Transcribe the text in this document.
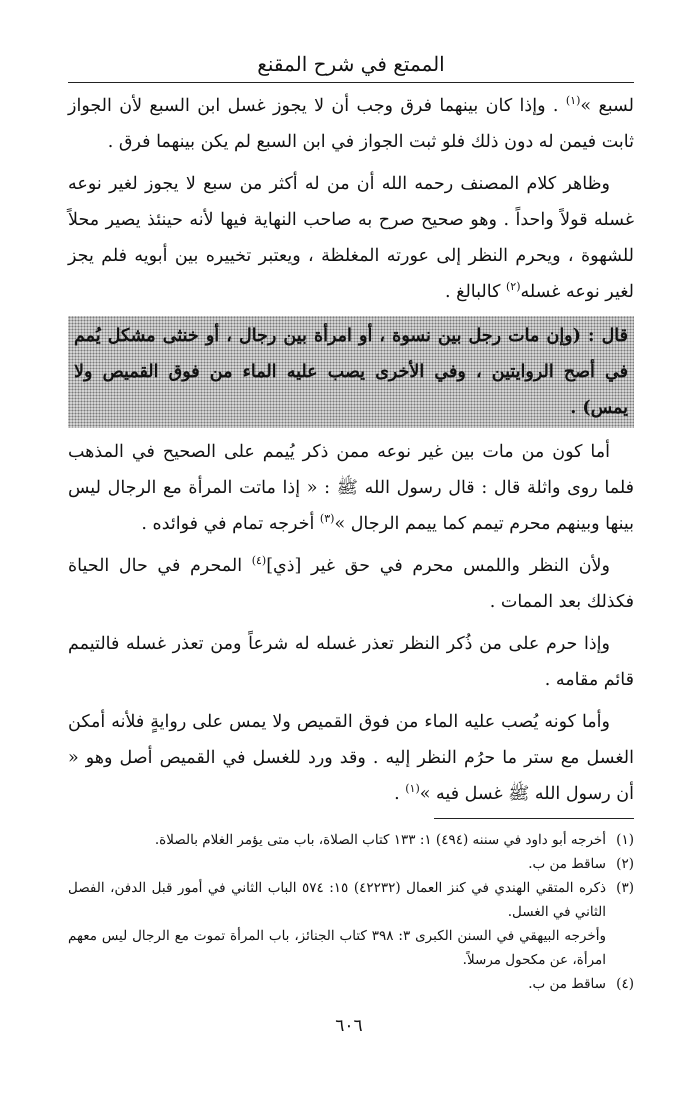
الممتع في شرح المقنع

لسبع »$^{(١)}$ . وإذا كان بينهما فرق وجب أن لا يجوز غسل ابن السبع لأن الجواز ثابت فيمن له دون ذلك فلو ثبت الجواز في ابن السبع لم يكن بينهما فرق .

وظاهر كلام المصنف رحمه الله أن من له أكثر من سبع لا يجوز لغير نوعه غسله قولاً واحداً . وهو صحيح صرح به صاحب النهاية فيها لأنه حينئذ يصير محلاً للشهوة ، ويحرم النظر إلى عورته المغلظة ، ويعتبر تخييره بين أبويه فلم يجز لغير نوعه غسله$^{(٢)}$ كالبالغ .

قال : (وإن مات رجل بين نسوة ، أو امرأة بين رجال ، أو خنثى مشكل يُمم في أصح الروايتين ، وفي الأخرى يصب عليه الماء من فوق القميص ولا يمس) .

أما كون من مات بين غير نوعه ممن ذكر يُيمم على الصحيح في المذهب فلما روى واثلة قال : قال رسول الله ﷺ : « إذا ماتت المرأة مع الرجال ليس بينها وبينهم محرم تيمم كما ييمم الرجال »$^{(٣)}$ أخرجه تمام في فوائده .

ولأن النظر واللمس محرم في حق غير [ذي]$^{(٤)}$ المحرم في حال الحياة فكذلك بعد الممات .

وإذا حرم على من ذُكر النظر تعذر غسله له شرعاً ومن تعذر غسله فالتيمم قائم مقامه .

وأما كونه يُصب عليه الماء من فوق القميص ولا يمس على روايةٍ فلأنه أمكن الغسل مع ستر ما حرُم النظر إليه . وقد ورد للغسل في القميص أصل وهو « أن رسول الله ﷺ غسل فيه »$^{(١)}$ .

(١)
أخرجه أبو داود في سننه (٤٩٤) ١: ١٣٣ كتاب الصلاة، باب متى يؤمر الغلام بالصلاة.
(٢)
ساقط من ب.
(٣)
ذكره المتقي الهندي في كنز العمال (٤٢٢٣٢) ١٥: ٥٧٤ الباب الثاني في أمور قبل الدفن، الفصل الثاني في الغسل.
وأخرجه البيهقي في السنن الكبرى ٣: ٣٩٨ كتاب الجنائز، باب المرأة تموت مع الرجال ليس معهم امرأة، عن مكحول مرسلاً.
(٤)
ساقط من ب.
٦٠٦
